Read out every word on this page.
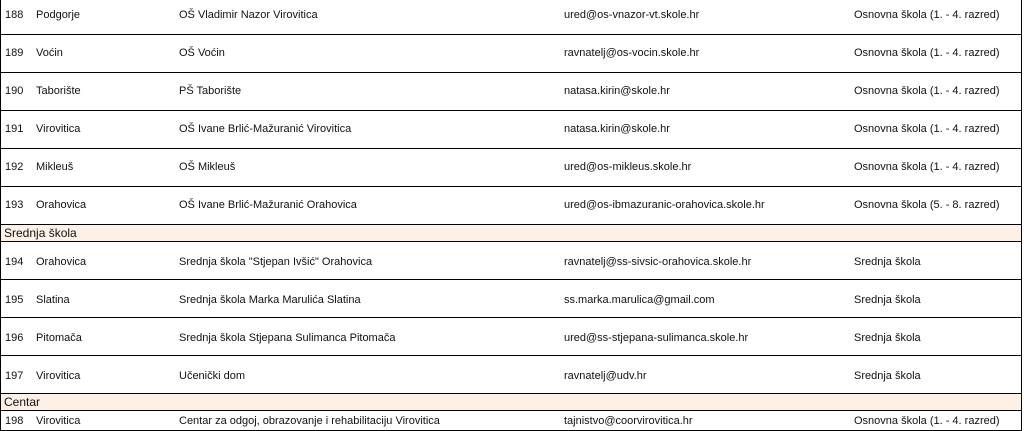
188 Podgorje	OŠ Vladimir Nazor Virovitica	ured@os-vnazor-vt.skole.hr	Osnovna škola (1. - 4. razred)
189 Voćin	OŠ Voćin	ravnatelj@os-vocin.skole.hr	Osnovna škola (1. - 4. razred)
190 Taborište	PŠ Taborište	natasa.kirin@skole.hr	Osnovna škola (1. - 4. razred)
191 Virovitica	OŠ Ivane Brlić-Mažuranić Virovitica	natasa.kirin@skole.hr	Osnovna škola (1. - 4. razred)
192 Mikleuš	OŠ Mikleuš	ured@os-mikleus.skole.hr	Osnovna škola (1. - 4. razred)
193 Orahovica	OŠ Ivane Brlić-Mažuranić Orahovica	ured@os-ibmazuranic-orahovica.skole.hr	Osnovna škola (5. - 8. razred)
Srednja škola
194 Orahovica	Srednja škola "Stjepan Ivšić" Orahovica	ravnatelj@ss-sivsic-orahovica.skole.hr	Srednja škola
195 Slatina	Srednja škola Marka Marulića Slatina	ss.marka.marulica@gmail.com	Srednja škola
196 Pitomača	Srednja škola Stjepana Sulimanca Pitomača	ured@ss-stjepana-sulimanca.skole.hr	Srednja škola
197 Virovitica	Učenički dom	ravnatelj@udv.hr	Srednja škola
Centar
198 Virovitica	Centar za odgoj, obrazovanje i rehabilitaciju Virovitica	tajnistvo@coorvirovitica.hr	Osnovna škola (1. - 4. razred)
